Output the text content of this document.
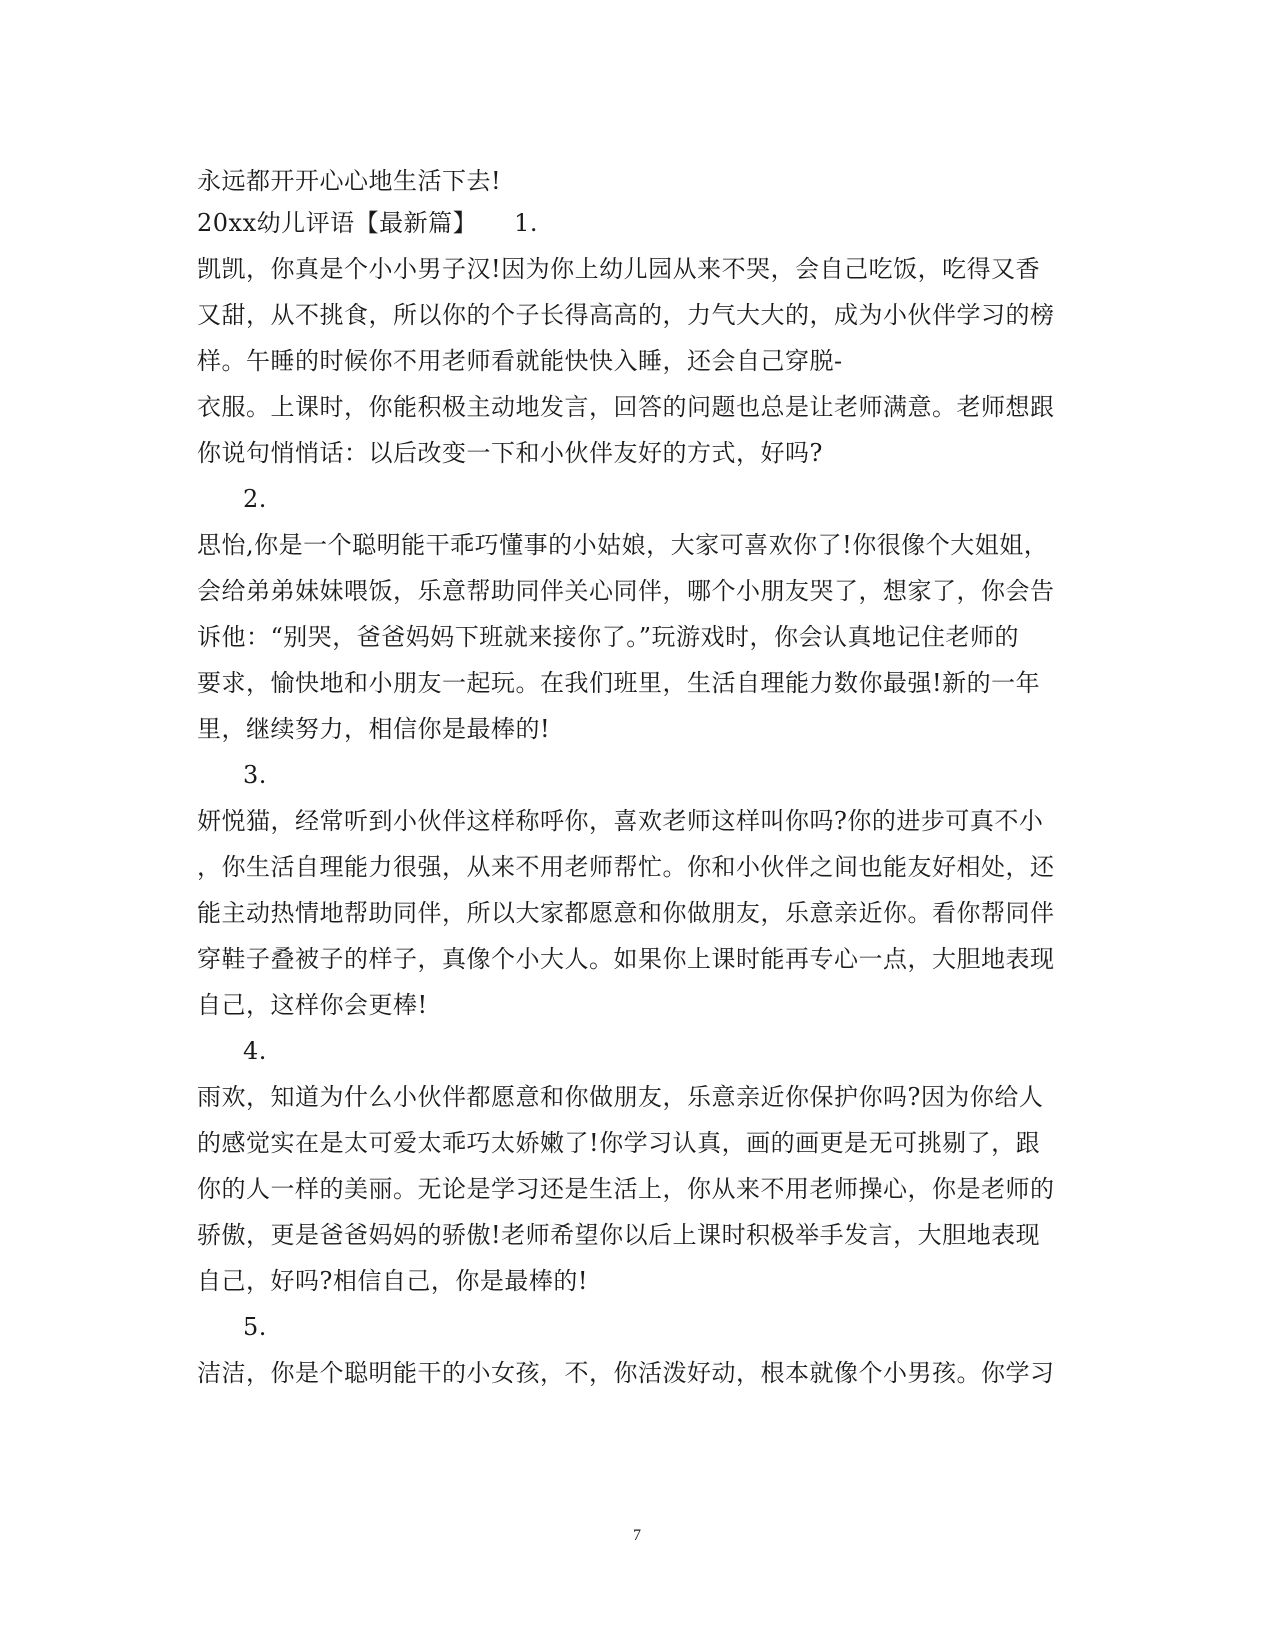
永远都开开心心地生活下去!
20xx幼儿评语【最新篇】　　1.
凯凯，你真是个小小男子汉!因为你上幼儿园从来不哭，会自己吃饭，吃得又香
又甜，从不挑食，所以你的个子长得高高的，力气大大的，成为小伙伴学习的榜
样。午睡的时候你不用老师看就能快快入睡，还会自己穿脱-
衣服。上课时，你能积极主动地发言，回答的问题也总是让老师满意。老师想跟
你说句悄悄话：以后改变一下和小伙伴友好的方式，好吗?
2.
思怡,你是一个聪明能干乖巧懂事的小姑娘，大家可喜欢你了!你很像个大姐姐，
会给弟弟妹妹喂饭，乐意帮助同伴关心同伴，哪个小朋友哭了，想家了，你会告
诉他：“别哭，爸爸妈妈下班就来接你了。”玩游戏时，你会认真地记住老师的
要求，愉快地和小朋友一起玩。在我们班里，生活自理能力数你最强!新的一年
里，继续努力，相信你是最棒的!
3.
妍悦猫，经常听到小伙伴这样称呼你，喜欢老师这样叫你吗?你的进步可真不小
，你生活自理能力很强，从来不用老师帮忙。你和小伙伴之间也能友好相处，还
能主动热情地帮助同伴，所以大家都愿意和你做朋友，乐意亲近你。看你帮同伴
穿鞋子叠被子的样子，真像个小大人。如果你上课时能再专心一点，大胆地表现
自己，这样你会更棒!
4.
雨欢，知道为什么小伙伴都愿意和你做朋友，乐意亲近你保护你吗?因为你给人
的感觉实在是太可爱太乖巧太娇嫩了!你学习认真，画的画更是无可挑剔了，跟
你的人一样的美丽。无论是学习还是生活上，你从来不用老师操心，你是老师的
骄傲，更是爸爸妈妈的骄傲!老师希望你以后上课时积极举手发言，大胆地表现
自己，好吗?相信自己，你是最棒的!
5.
洁洁，你是个聪明能干的小女孩，不，你活泼好动，根本就像个小男孩。你学习
7
